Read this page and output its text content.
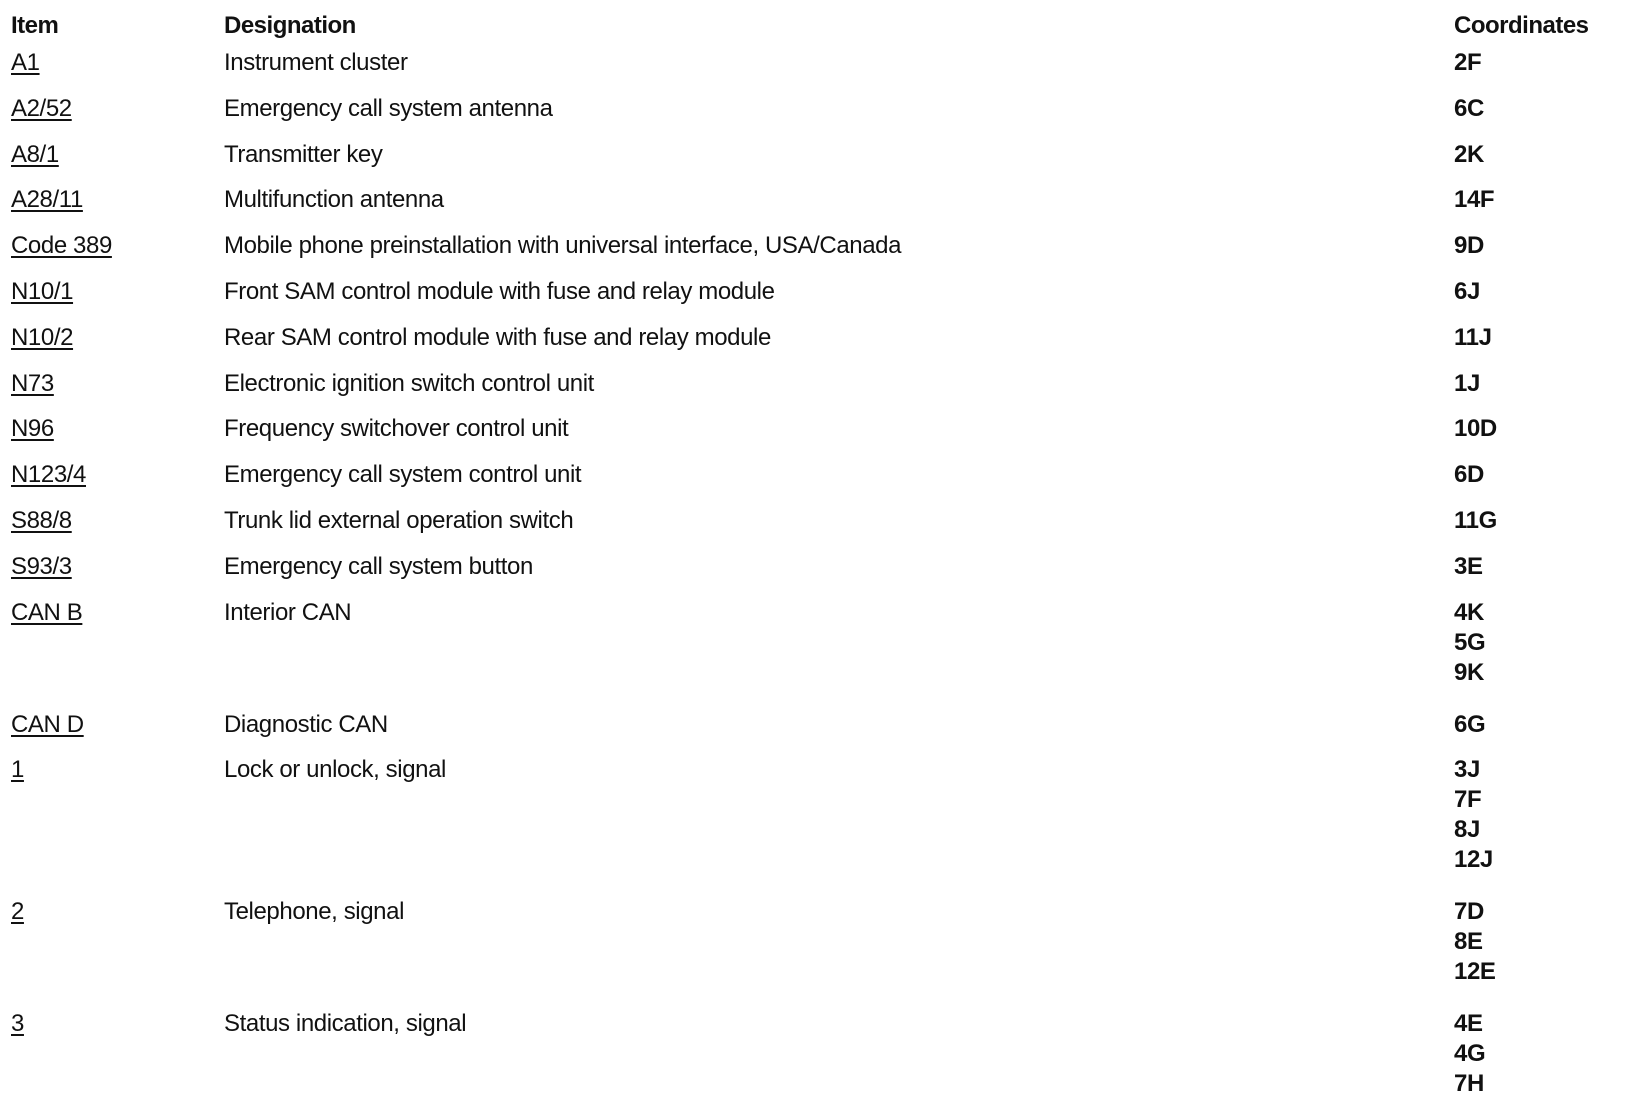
Item	Designation	Coordinates
A1	Instrument cluster	2F
A2/52	Emergency call system antenna	6C
A8/1	Transmitter key	2K
A28/11	Multifunction antenna	14F
Code 389	Mobile phone preinstallation with universal interface, USA/Canada	9D
N10/1	Front SAM control module with fuse and relay module	6J
N10/2	Rear SAM control module with fuse and relay module	11J
N73	Electronic ignition switch control unit	1J
N96	Frequency switchover control unit	10D
N123/4	Emergency call system control unit	6D
S88/8	Trunk lid external operation switch	11G
S93/3	Emergency call system button	3E
CAN B	Interior CAN	4K
5G
9K
CAN D	Diagnostic CAN	6G
1	Lock or unlock, signal	3J
7F
8J
12J
2	Telephone, signal	7D
8E
12E
3	Status indication, signal	4E
4G
7H
